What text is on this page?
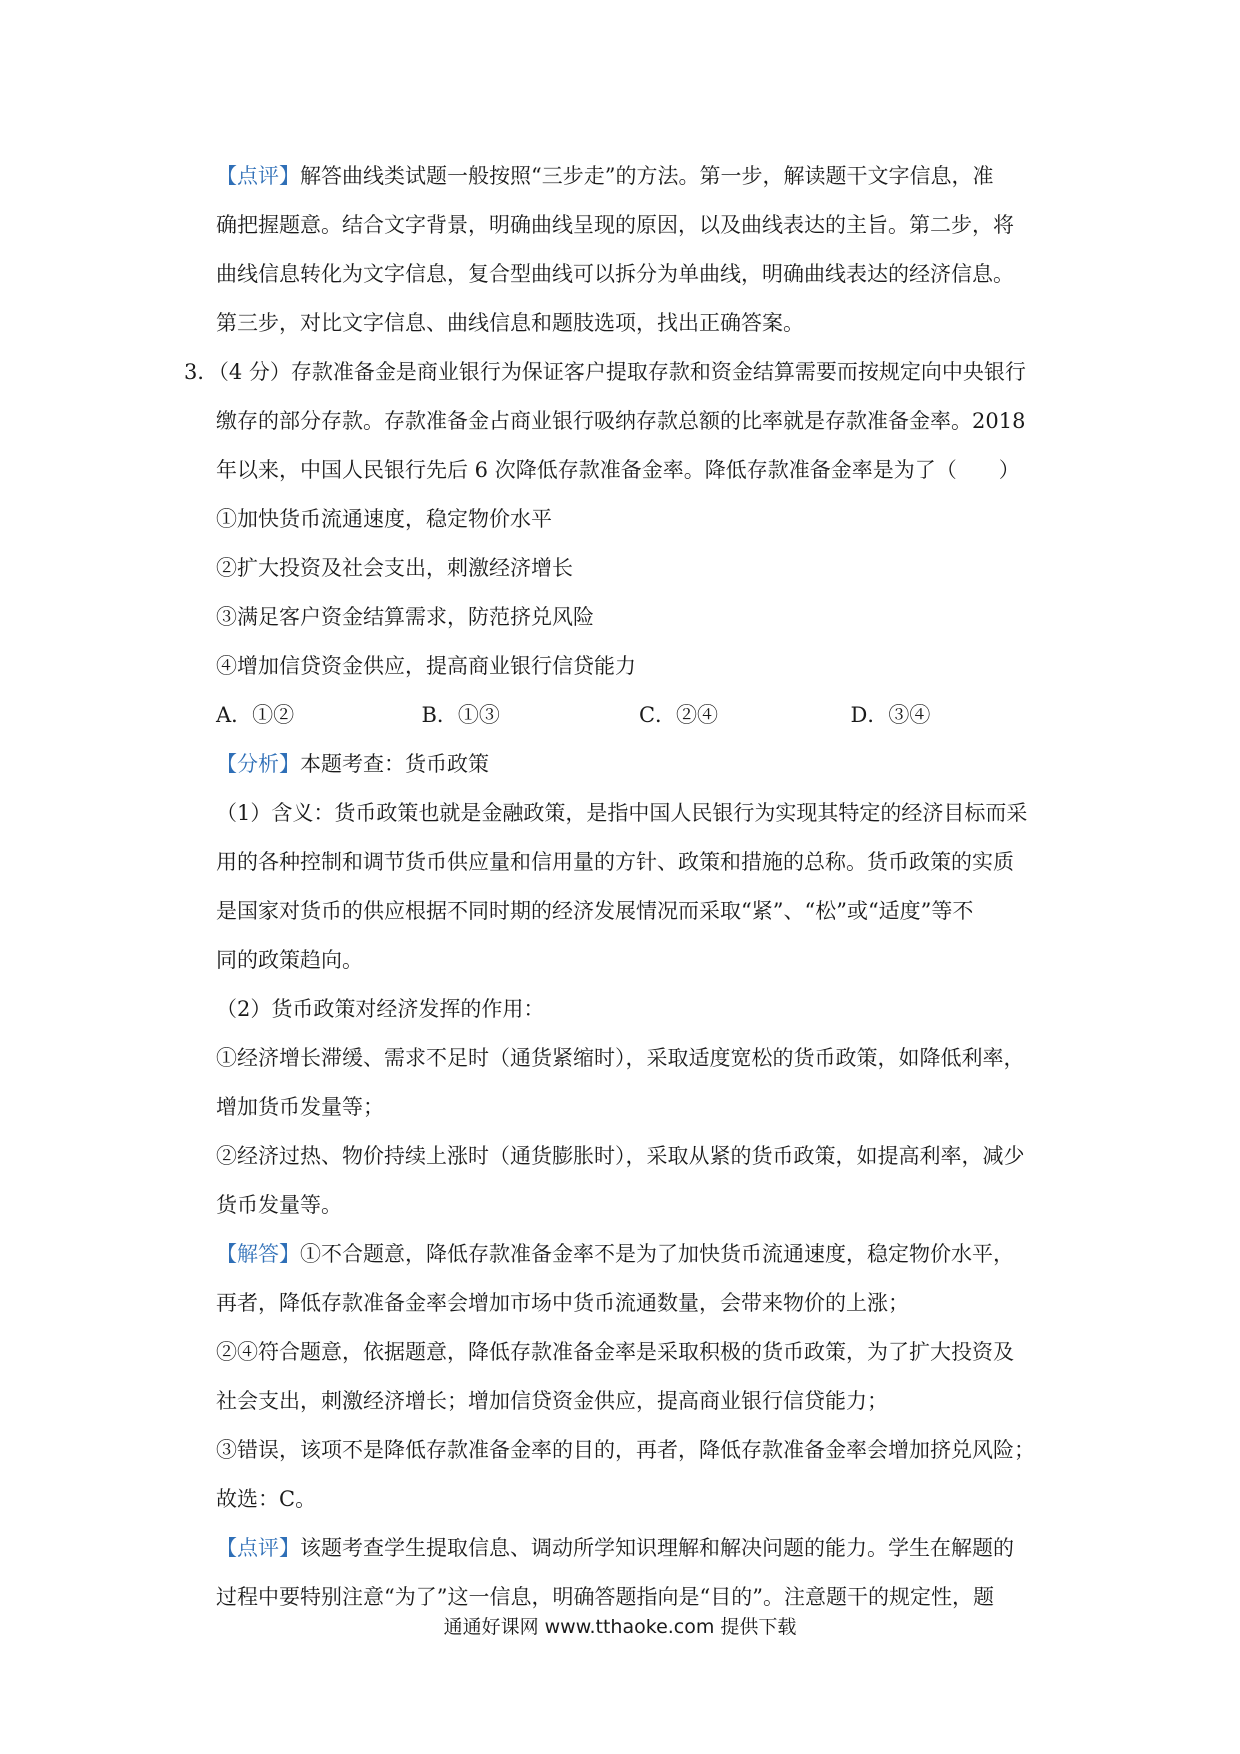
【点评】解答曲线类试题一般按照“三步走”的方法。第一步，解读题干文字信息，准
确把握题意。结合文字背景，明确曲线呈现的原因，以及曲线表达的主旨。第二步，将
曲线信息转化为文字信息，复合型曲线可以拆分为单曲线，明确曲线表达的经济信息。
第三步，对比文字信息、曲线信息和题肢选项，找出正确答案。
3．（4 分）存款准备金是商业银行为保证客户提取存款和资金结算需要而按规定向中央银行
缴存的部分存款。存款准备金占商业银行吸纳存款总额的比率就是存款准备金率。2018
年以来，中国人民银行先后 6 次降低存款准备金率。降低存款准备金率是为了（　　）
①加快货币流通速度，稳定物价水平
②扩大投资及社会支出，刺激经济增长
③满足客户资金结算需求，防范挤兑风险
④增加信贷资金供应，提高商业银行信贷能力
A．①②	B．①③	C．②④	D．③④
【分析】本题考查：货币政策
（1）含义：货币政策也就是金融政策，是指中国人民银行为实现其特定的经济目标而采
用的各种控制和调节货币供应量和信用量的方针、政策和措施的总称。货币政策的实质
是国家对货币的供应根据不同时期的经济发展情况而采取“紧”、“松”或“适度”等不
同的政策趋向。
（2）货币政策对经济发挥的作用：
①经济增长滞缓、需求不足时（通货紧缩时），采取适度宽松的货币政策，如降低利率，
增加货币发量等；
②经济过热、物价持续上涨时（通货膨胀时），采取从紧的货币政策，如提高利率，减少
货币发量等。
【解答】①不合题意，降低存款准备金率不是为了加快货币流通速度，稳定物价水平，
再者，降低存款准备金率会增加市场中货币流通数量，会带来物价的上涨；
②④符合题意，依据题意，降低存款准备金率是采取积极的货币政策，为了扩大投资及
社会支出，刺激经济增长；增加信贷资金供应，提高商业银行信贷能力；
③错误，该项不是降低存款准备金率的目的，再者，降低存款准备金率会增加挤兑风险；
故选：C。
【点评】该题考查学生提取信息、调动所学知识理解和解决问题的能力。学生在解题的
过程中要特别注意“为了”这一信息，明确答题指向是“目的”。注意题干的规定性，题
通通好课网 www.tthaoke.com 提供下载
